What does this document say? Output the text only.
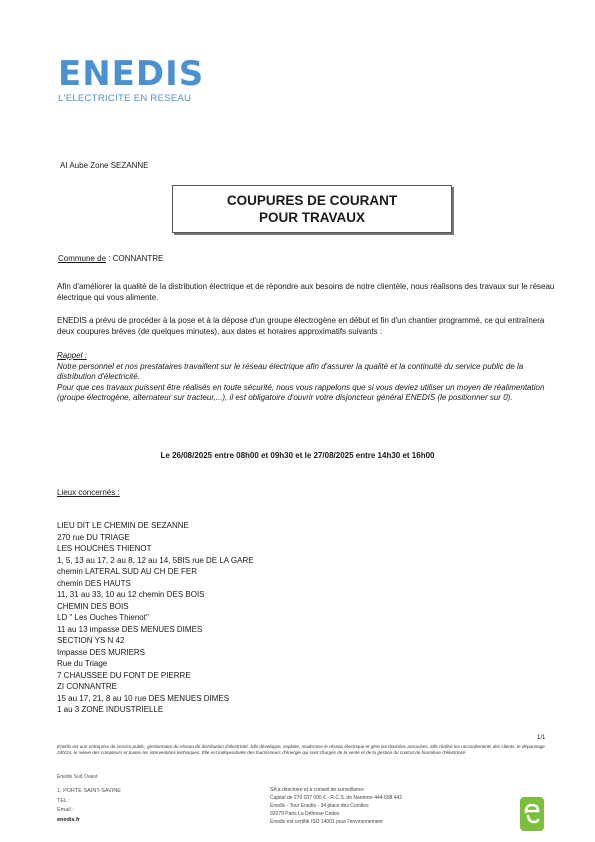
ENEDIS
L'ELECTRICITE EN RESEAU
AI Aube Zone SEZANNE
COUPURES DE COURANT
POUR TRAVAUX
Commune de : CONNANTRE
Afin d'améliorer la qualité de la distribution électrique et de répondre aux besoins de notre clientèle, nous réalisons des travaux sur le réseau électrique qui vous alimente.
ENEDIS a prévu de procéder à la pose et à la dépose d'un groupe électrogène en début et fin d'un chantier programmé, ce qui entraînera deux coupures brèves (de quelques minutes), aux dates et horaires approximatifs suivants :
Rappel :
Notre personnel et nos prestataires travaillent sur le réseau électrique afin d'assurer la qualité et la continuité du service public de la distribution d'électricité.
Pour que ces travaux puissent être réalisés en toute sécurité, nous vous rappelons que si vous deviez utiliser un moyen de réalimentation (groupe électrogène, alternateur sur tracteur,...), il est obligatoire d'ouvrir votre disjoncteur général ENEDIS (le positionner sur 0).
Le 26/08/2025 entre 08h00 et 09h30 et le 27/08/2025 entre 14h30 et 16h00
Lieux concernés :
LIEU DIT LE CHEMIN DE SEZANNE
270 rue DU TRIAGE
LES HOUCHES THIENOT
1, 5, 13 au 17, 2 au 8, 12 au 14, 5BIS rue DE LA GARE
chemin LATERAL SUD AU CH DE FER
chemin DES HAUTS
11, 31 au 33, 10 au 12 chemin DES BOIS
CHEMIN DES BOIS
LD " Les Ouches Thienot"
11 au 13 impasse DES MENUES DIMES
SECTION YS N 42
Impasse DES MURIERS
Rue du Triage
7 CHAUSSEE DU FONT DE PIERRE
ZI CONNANTRE
15 au 17, 21, 8 au 10 rue DES MENUES DIMES
1 au 3 ZONE INDUSTRIELLE
1/1
Enedis est une entreprise de service public, gestionnaire du réseau de distribution d'électricité. Elle développe, exploite, modernise le réseau électrique et gère les données associées. Elle réalise les raccordements des clients, le dépannage 24h/24, le relevé des compteurs et toutes les interventions techniques. Elle est indépendante des fournisseurs d'énergie qui sont chargés de la vente et de la gestion du contrat de fourniture d'électricité.
Enedis Sud Ouest
1, PORTE SAINT-SAVINE
TEL :
Email :
enedis.fr
SA à directoire et à conseil de surveillance
Capital de 270 037 000 € - R.C.S. de Nanterre 444 608 442
Enedis - Tour Enedis - 34 place des Corolles
92079 Paris La Défense Cedex
Enedis est certifié ISO 14001 pour l'environnement
